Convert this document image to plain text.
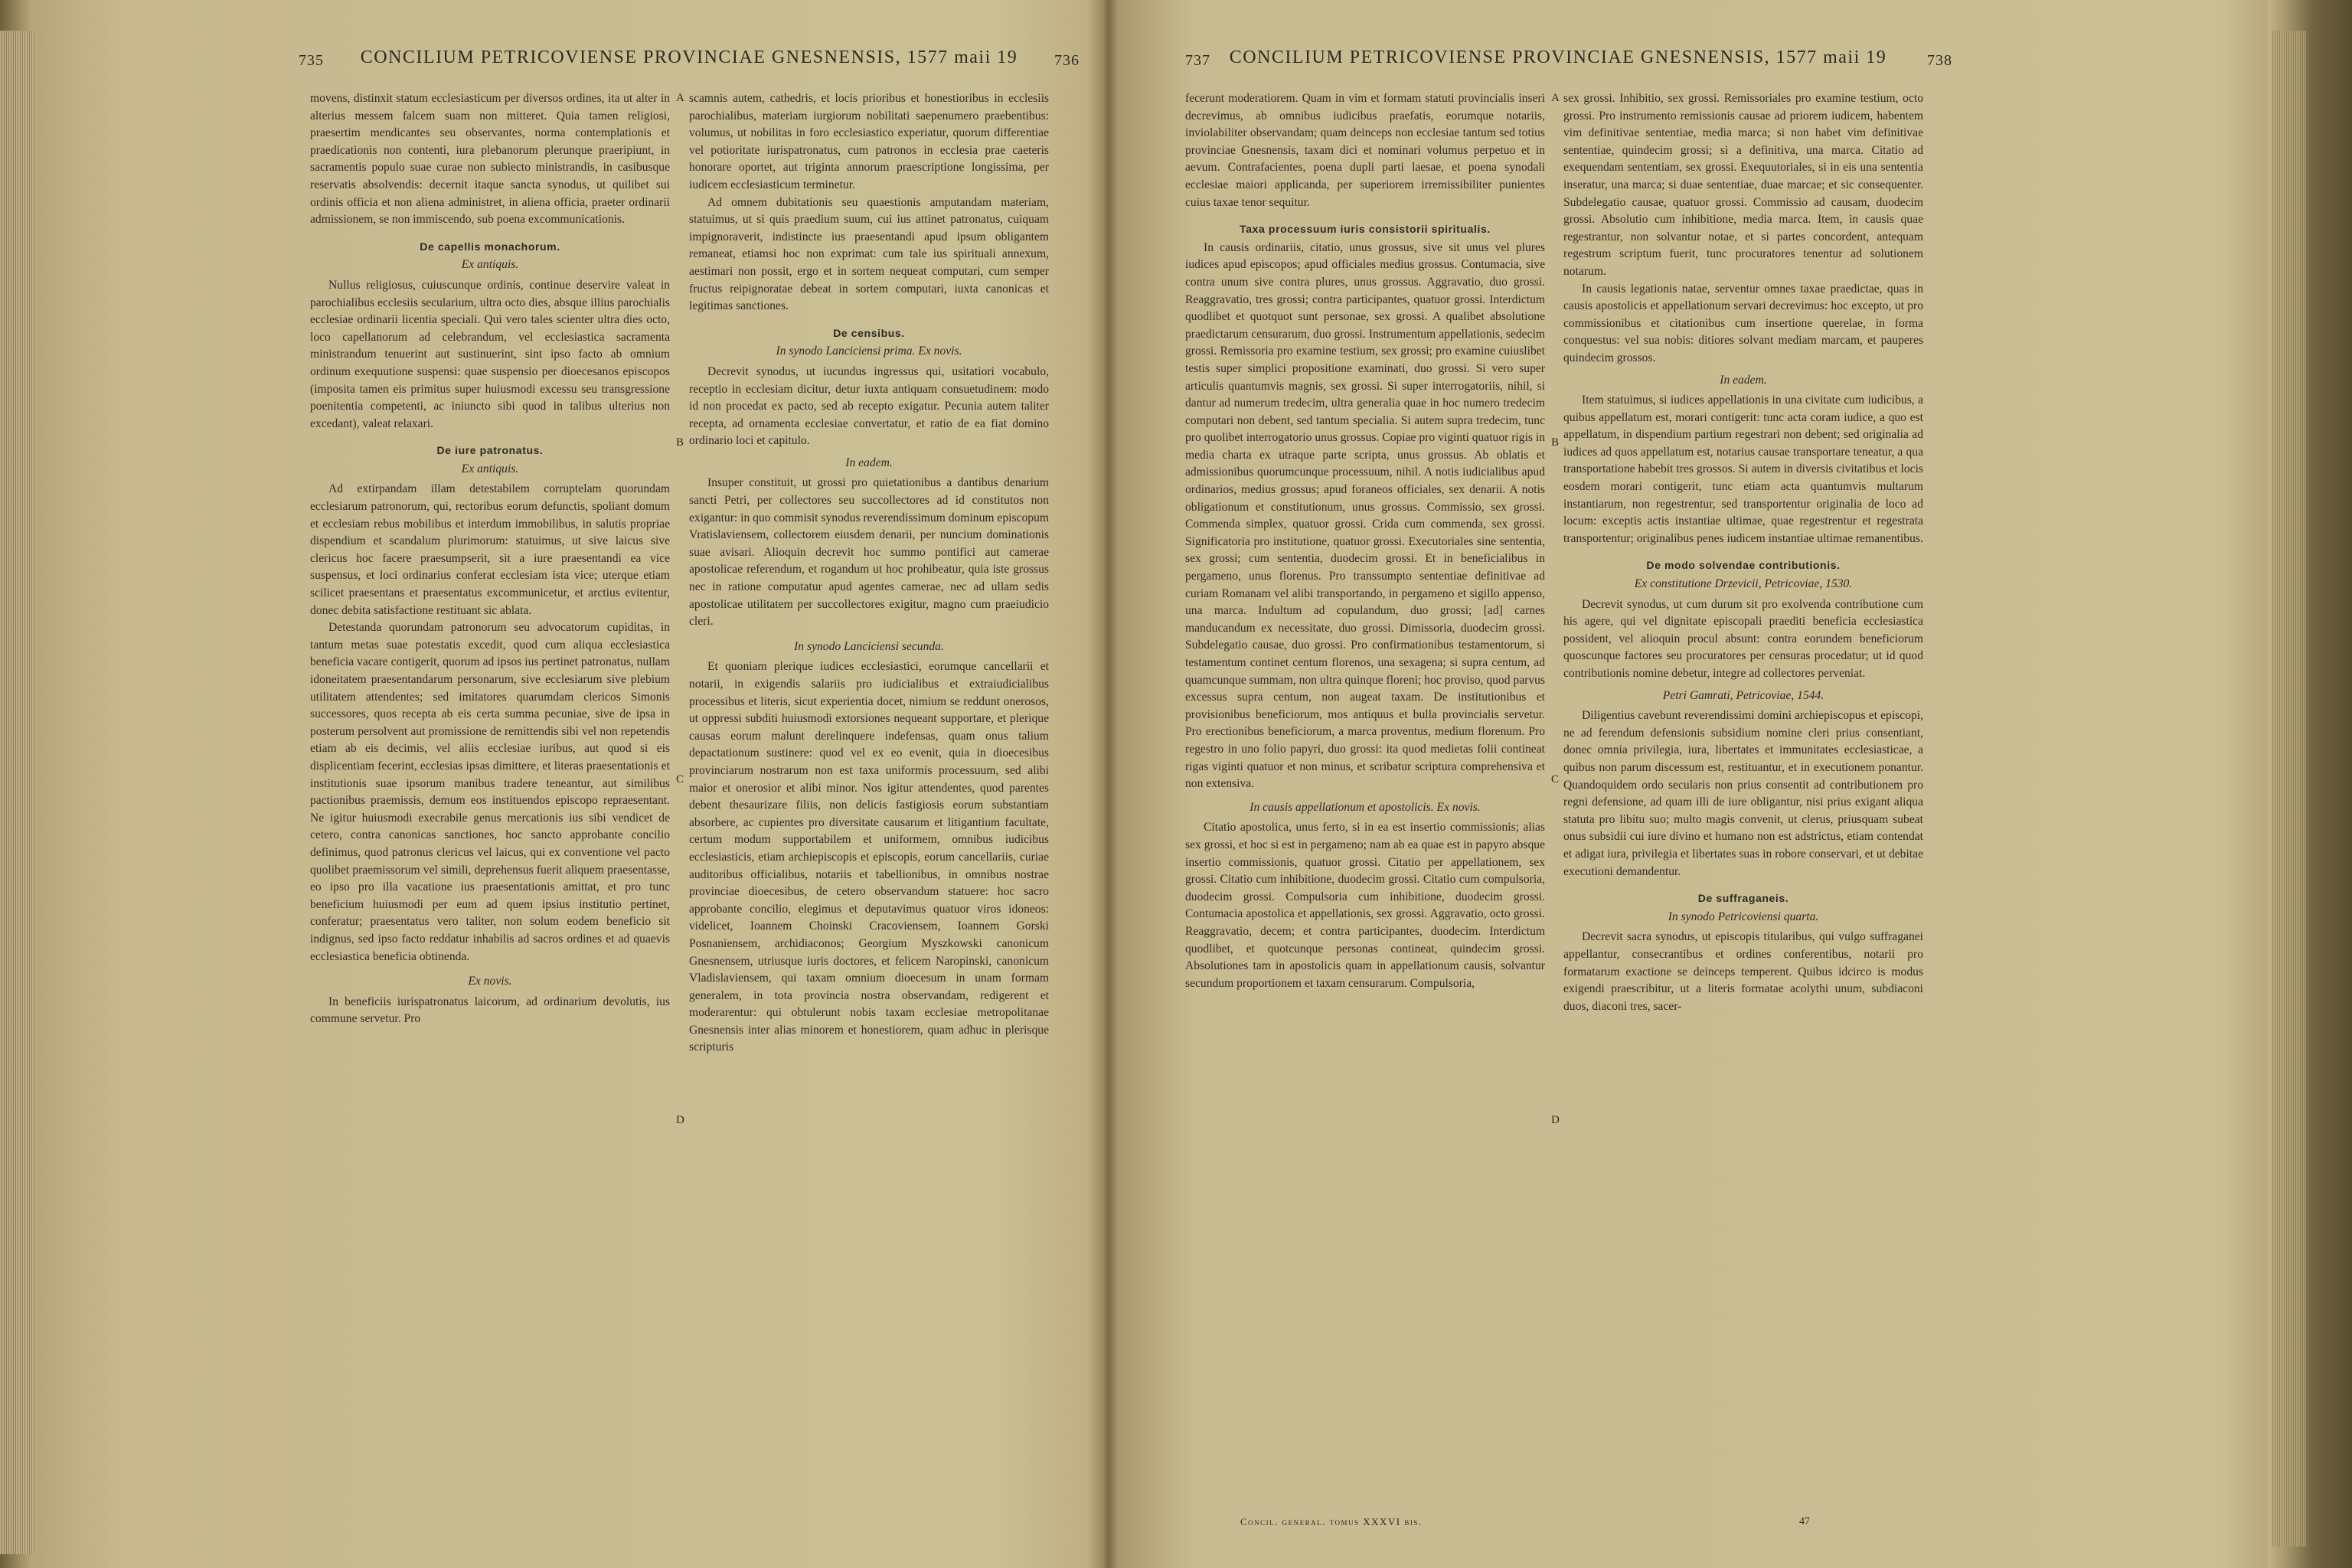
735	CONCILIUM PETRICOVIENSE PROVINCIAE GNESNENSIS, 1577 maii 19	736

movens, distinxit statum ecclesiasticum per diversos ordines, ita ut alter in alterius messem falcem suam non mitteret. Quia tamen religiosi, praesertim mendicantes seu observantes, norma contemplationis et praedicationis non contenti, iura plebanorum plerunque praeripiunt, in sacramentis populo suae curae non subiecto ministrandis, in casibusque reservatis absolvendis: decernit itaque sancta synodus, ut quilibet sui ordinis officia et non aliena administret, in aliena officia, praeter ordinarii admissionem, se non immiscendo, sub poena excommunicationis.

De capellis monachorum.
Ex antiquis.

Nullus religiosus, cuiuscunque ordinis, continue deservire valeat in parochialibus ecclesiis secularium, ultra octo dies, absque illius parochialis ecclesiae ordinarii licentia speciali. Qui vero tales scienter ultra dies octo, loco capellanorum ad celebrandum, vel ecclesiastica sacramenta ministrandum tenuerint aut sustinuerint, sint ipso facto ab omnium ordinum exequutione suspensi: quae suspensio per dioecesanos episcopos (imposita tamen eis primitus super huiusmodi excessu seu transgressione poenitentia competenti, ac iniuncto sibi quod in talibus ulterius non excedant), valeat relaxari.

De iure patronatus.
Ex antiquis.

Ad extirpandam illam detestabilem corruptelam quorundam ecclesiarum patronorum, qui, rectoribus eorum defunctis, spoliant domum et ecclesiam rebus mobilibus et interdum immobilibus, in salutis propriae dispendium et scandalum plurimorum: statuimus, ut sive laicus sive clericus hoc facere praesumpserit, sit a iure praesentandi ea vice suspensus, et loci ordinarius conferat ecclesiam ista vice; uterque etiam scilicet praesentans et praesentatus excommunicetur, et arctius evitentur, donec debita satisfactione restituant sic ablata.

Detestanda quorundam patronorum seu advocatorum cupiditas, in tantum metas suae potestatis excedit, quod cum aliqua ecclesiastica beneficia vacare contigerit, quorum ad ipsos ius pertinet patronatus, nullam idoneitatem praesentandarum personarum, sive ecclesiarum sive plebium utilitatem attendentes; sed imitatores quarumdam clericos Simonis successores, quos recepta ab eis certa summa pecuniae, sive de ipsa in posterum persolvent aut promissione de remittendis sibi vel non repetendis etiam ab eis decimis, vel aliis ecclesiae iuribus, aut quod si eis displicentiam fecerint, ecclesias ipsas dimittere, et literas praesentationis et institutionis suae ipsorum manibus tradere teneantur, aut similibus pactionibus praemissis, demum eos instituendos episcopo repraesentant. Ne igitur huiusmodi execrabile genus mercationis ius sibi vendicet de cetero, contra canonicas sanctiones, hoc sancto approbante concilio definimus, quod patronus clericus vel laicus, qui ex conventione vel pacto quolibet praemissorum vel simili, deprehensus fuerit aliquem praesentasse, eo ipso pro illa vacatione ius praesentationis amittat, et pro tunc beneficium huiusmodi per eum ad quem ipsius institutio pertinet, conferatur; praesentatus vero taliter, non solum eodem beneficio sit indignus, sed ipso facto reddatur inhabilis ad sacros ordines et ad quaevis ecclesiastica beneficia obtinenda.

Ex novis.

In beneficiis iurispatronatus laicorum, ad ordinarium devolutis, ius commune servetur. Pro

A
B
C
D

scamnis autem, cathedris, et locis prioribus et honestioribus in ecclesiis parochialibus, materiam iurgiorum nobilitati saepenumero praebentibus: volumus, ut nobilitas in foro ecclesiastico experiatur, quorum differentiae vel potioritate iurispatronatus, cum patronos in ecclesia prae caeteris honorare oportet, aut triginta annorum praescriptione longissima, per iudicem ecclesiasticum terminetur.

Ad omnem dubitationis seu quaestionis amputandam materiam, statuimus, ut si quis praedium suum, cui ius attinet patronatus, cuiquam impignoraverit, indistincte ius praesentandi apud ipsum obligantem remaneat, etiamsi hoc non exprimat: cum tale ius spirituali annexum, aestimari non possit, ergo et in sortem nequeat computari, cum semper fructus reipignoratae debeat in sortem computari, iuxta canonicas et legitimas sanctiones.

De censibus.
In synodo Lanciciensi prima. Ex novis.

Decrevit synodus, ut iucundus ingressus qui, usitatiori vocabulo, receptio in ecclesiam dicitur, detur iuxta antiquam consuetudinem: modo id non procedat ex pacto, sed ab recepto exigatur. Pecunia autem taliter recepta, ad ornamenta ecclesiae convertatur, et ratio de ea fiat domino ordinario loci et capitulo.

In eadem.

Insuper constituit, ut grossi pro quietationibus a dantibus denarium sancti Petri, per collectores seu succollectores ad id constitutos non exigantur: in quo commisit synodus reverendissimum dominum episcopum Vratislaviensem, collectorem eiusdem denarii, per nuncium dominationis suae avisari. Alioquin decrevit hoc summo pontifici aut camerae apostolicae referendum, et rogandum ut hoc prohibeatur, quia iste grossus nec in ratione computatur apud agentes camerae, nec ad ullam sedis apostolicae utilitatem per succollectores exigitur, magno cum praeiudicio cleri.

In synodo Lanciciensi secunda.

Et quoniam plerique iudices ecclesiastici, eorumque cancellarii et notarii, in exigendis salariis pro iudicialibus et extraiudicialibus processibus et literis, sicut experientia docet, nimium se reddunt onerosos, ut oppressi subditi huiusmodi extorsiones nequeant supportare, et plerique causas eorum malunt derelinquere indefensas, quam onus talium depactationum sustinere: quod vel ex eo evenit, quia in dioecesibus provinciarum nostrarum non est taxa uniformis processuum, sed alibi maior et onerosior et alibi minor. Nos igitur attendentes, quod parentes debent thesaurizare filiis, non delicis fastigiosis eorum substantiam absorbere, ac cupientes pro diversitate causarum et litigantium facultate, certum modum supportabilem et uniformem, omnibus iudicibus ecclesiasticis, etiam archiepiscopis et episcopis, eorum cancellariis, curiae auditoribus officialibus, notariis et tabellionibus, in omnibus nostrae provinciae dioecesibus, de cetero observandum statuere: hoc sacro approbante concilio, elegimus et deputavimus quatuor viros idoneos: videlicet, Ioannem Choinski Cracoviensem, Ioannem Gorski Posnaniensem, archidiaconos; Georgium Myszkowski canonicum Gnesnensem, utriusque iuris doctores, et felicem Naropinski, canonicum Vladislaviensem, qui taxam omnium dioecesum in unam formam generalem, in tota provincia nostra observandam, redigerent et moderarentur: qui obtulerunt nobis taxam ecclesiae metropolitanae Gnesnensis inter alias minorem et honestiorem, quam adhuc in plerisque scripturis

737	CONCILIUM PETRICOVIENSE PROVINCIAE GNESNENSIS, 1577 maii 19	738

fecerunt moderatiorem. Quam in vim et formam statuti provincialis inseri decrevimus, ab omnibus iudicibus praefatis, eorumque notariis, inviolabiliter observandam; quam deinceps non ecclesiae tantum sed totius provinciae Gnesnensis, taxam dici et nominari volumus perpetuo et in aevum. Contrafacientes, poena dupli parti laesae, et poena synodali ecclesiae maiori applicanda, per superiorem irremissibiliter punientes cuius taxae tenor sequitur.

Taxa processuum iuris consistorii spiritualis.

In causis ordinariis, citatio, unus grossus, sive sit unus vel plures iudices apud episcopos; apud officiales medius grossus. Contumacia, sive contra unum sive contra plures, unus grossus. Aggravatio, duo grossi. Reaggravatio, tres grossi; contra participantes, quatuor grossi. Interdictum quodlibet et quotquot sunt personae, sex grossi. A qualibet absolutione praedictarum censurarum, duo grossi. Instrumentum appellationis, sedecim grossi. Remissoria pro examine testium, sex grossi; pro examine cuiuslibet testis super simplici propositione examinati, duo grossi. Si vero super articulis quantumvis magnis, sex grossi. Si super interrogatoriis, nihil, si dantur ad numerum tredecim, ultra generalia quae in hoc numero tredecim computari non debent, sed tantum specialia. Si autem supra tredecim, tunc pro quolibet interrogatorio unus grossus. Copiae pro viginti quatuor rigis in media charta ex utraque parte scripta, unus grossus. Ab oblatis et admissionibus quorumcunque processuum, nihil. A notis iudicialibus apud ordinarios, medius grossus; apud foraneos officiales, sex denarii. A notis obligationum et constitutionum, unus grossus. Commissio, sex grossi. Commenda simplex, quatuor grossi. Crida cum commenda, sex grossi. Significatoria pro institutione, quatuor grossi. Executoriales sine sententia, sex grossi; cum sententia, duodecim grossi. Et in beneficialibus in pergameno, unus florenus. Pro transsumpto sententiae definitivae ad curiam Romanam vel alibi transportando, in pergameno et sigillo appenso, una marca. Indultum ad copulandum, duo grossi; [ad] carnes manducandum ex necessitate, duo grossi. Dimissoria, duodecim grossi. Subdelegatio causae, duo grossi. Pro confirmationibus testamentorum, si testamentum continet centum florenos, una sexagena; si supra centum, ad quamcunque summam, non ultra quinque floreni; hoc proviso, quod parvus excessus supra centum, non augeat taxam. De institutionibus et provisionibus beneficiorum, mos antiquus et bulla provincialis servetur. Pro erectionibus beneficiorum, a marca proventus, medium florenum. Pro regestro in uno folio papyri, duo grossi: ita quod medietas folii contineat rigas viginti quatuor et non minus, et scribatur scriptura comprehensiva et non extensiva.

In causis appellationum et apostolicis. Ex novis.

Citatio apostolica, unus ferto, si in ea est insertio commissionis; alias sex grossi, et hoc si est in pergameno; nam ab ea quae est in papyro absque insertio commissionis, quatuor grossi. Citatio per appellationem, sex grossi. Citatio cum inhibitione, duodecim grossi. Citatio cum compulsoria, duodecim grossi. Compulsoria cum inhibitione, duodecim grossi. Contumacia apostolica et appellationis, sex grossi. Aggravatio, octo grossi. Reaggravatio, decem; et contra participantes, duodecim. Interdictum quodlibet, et quotcunque personas contineat, quindecim grossi. Absolutiones tam in apostolicis quam in appellationum causis, solvantur secundum proportionem et taxam censurarum. Compulsoria,

A
B
C
D

sex grossi. Inhibitio, sex grossi. Remissoriales pro examine testium, octo grossi. Pro instrumento remissionis causae ad priorem iudicem, habentem vim definitivae sententiae, media marca; si non habet vim definitivae sententiae, quindecim grossi; si a definitiva, una marca. Citatio ad exequendam sententiam, sex grossi. Exequutoriales, si in eis una sententia inseratur, una marca; si duae sententiae, duae marcae; et sic consequenter. Subdelegatio causae, quatuor grossi. Commissio ad causam, duodecim grossi. Absolutio cum inhibitione, media marca. Item, in causis quae regestrantur, non solvantur notae, et si partes concordent, antequam regestrum scriptum fuerit, tunc procuratores tenentur ad solutionem notarum.

In causis legationis natae, serventur omnes taxae praedictae, quas in causis apostolicis et appellationum servari decrevimus: hoc excepto, ut pro commissionibus et citationibus cum insertione querelae, in forma conquestus: vel sua nobis: ditiores solvant mediam marcam, et pauperes quindecim grossos.

In eadem.

Item statuimus, si iudices appellationis in una civitate cum iudicibus, a quibus appellatum est, morari contigerit: tunc acta coram iudice, a quo est appellatum, in dispendium partium regestrari non debent; sed originalia ad iudices ad quos appellatum est, notarius causae transportare teneatur, a qua transportatione habebit tres grossos. Si autem in diversis civitatibus et locis eosdem morari contigerit, tunc etiam acta quantumvis multarum instantiarum, non regestrentur, sed transportentur originalia de loco ad locum: exceptis actis instantiae ultimae, quae regestrentur et regestrata transportentur; originalibus penes iudicem instantiae ultimae remanentibus.

De modo solvendae contributionis.
Ex constitutione Drzevicii, Petricoviae, 1530.

Decrevit synodus, ut cum durum sit pro exolvenda contributione cum his agere, qui vel dignitate episcopali praediti beneficia ecclesiastica possident, vel alioquin procul absunt: contra eorundem beneficiorum quoscunque factores seu procuratores per censuras procedatur; ut id quod contributionis nomine debetur, integre ad collectores perveniat.

Petri Gamrati, Petricoviae, 1544.

Diligentius cavebunt reverendissimi domini archiepiscopus et episcopi, ne ad ferendum defensionis subsidium nomine cleri prius consentiant, donec omnia privilegia, iura, libertates et immunitates ecclesiasticae, a quibus non parum discessum est, restituantur, et in executionem ponantur. Quandoquidem ordo secularis non prius consentit ad contributionem pro regni defensione, ad quam illi de iure obligantur, nisi prius exigant aliqua statuta pro libitu suo; multo magis convenit, ut clerus, priusquam subeat onus subsidii cui iure divino et humano non est adstrictus, etiam contendat et adigat iura, privilegia et libertates suas in robore conservari, et ut debitae executioni demandentur.

De suffraganeis.
In synodo Petricoviensi quarta.

Decrevit sacra synodus, ut episcopis titularibus, qui vulgo suffraganei appellantur, consecrantibus et ordines conferentibus, notarii pro formatarum exactione se deinceps temperent. Quibus idcirco is modus exigendi praescribitur, ut a literis formatae acolythi unum, subdiaconi duos, diaconi tres, sacer-

Concil. general. tomus XXXVI bis.	47
